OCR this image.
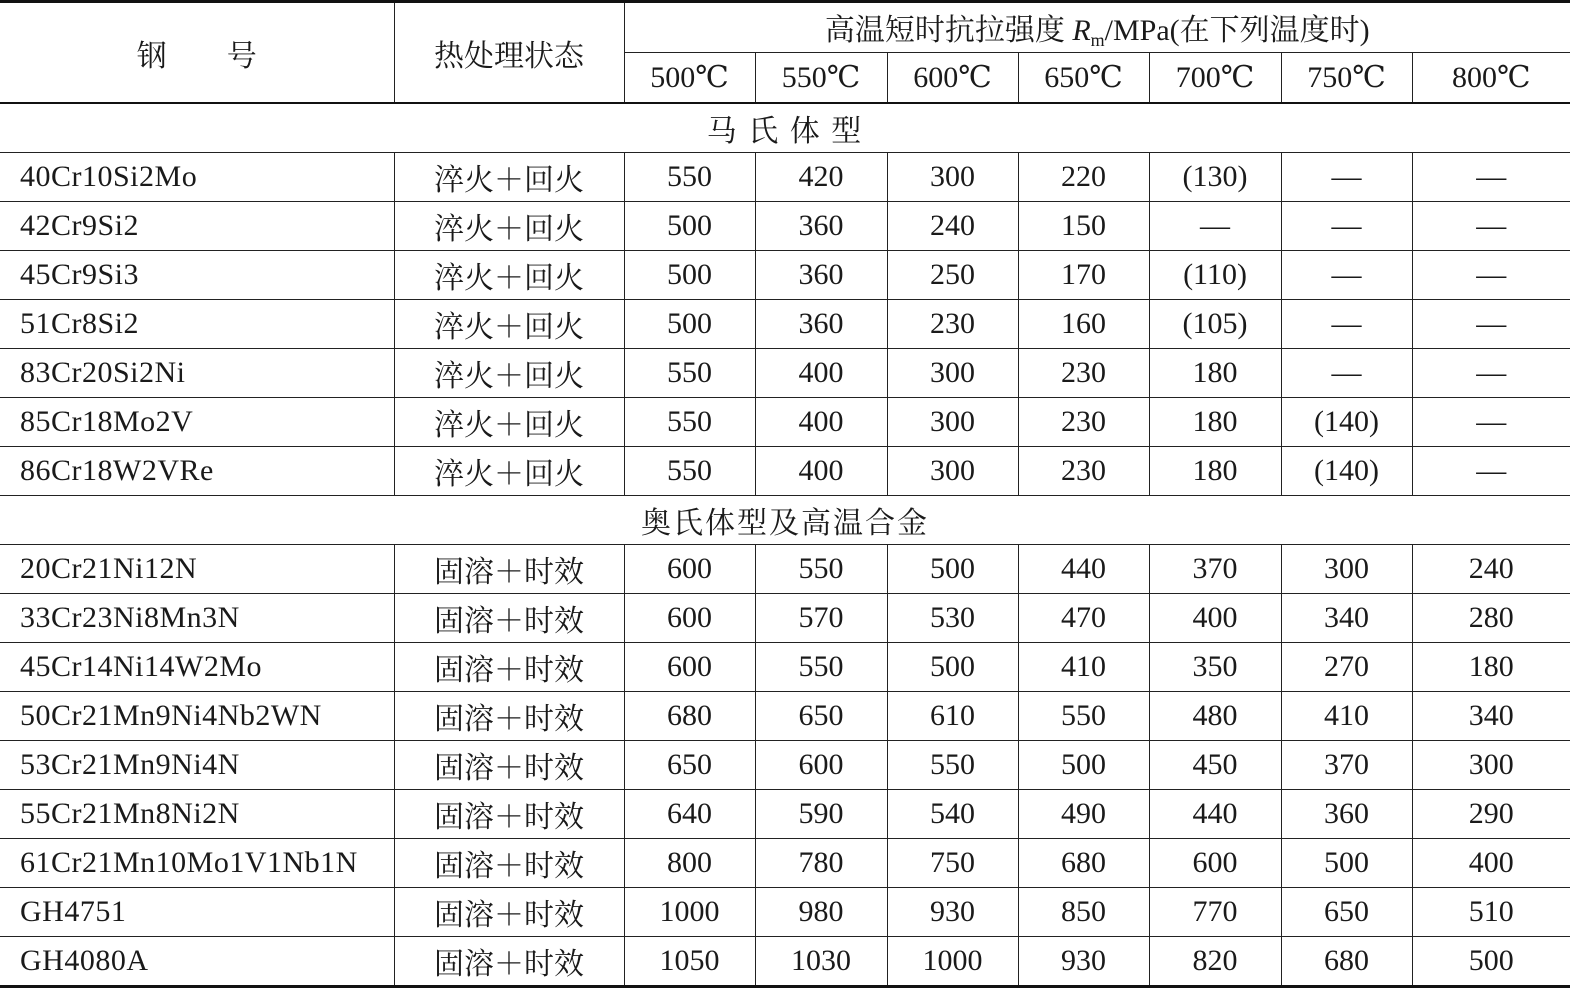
钢　　号	热处理状态	高温短时抗拉强度 $R_m/MPa$(在下列温度时)						
		500℃	550℃	600℃	650℃	700℃	750℃	800℃
马 氏 体 型								
40Cr10Si2Mo	淬火＋回火	550	420	300	220	(130)	—	—
42Cr9Si2	淬火＋回火	500	360	240	150	—	—	—
45Cr9Si3	淬火＋回火	500	360	250	170	(110)	—	—
51Cr8Si2	淬火＋回火	500	360	230	160	(105)	—	—
83Cr20Si2Ni	淬火＋回火	550	400	300	230	180	—	—
85Cr18Mo2V	淬火＋回火	550	400	300	230	180	(140)	—
86Cr18W2VRe	淬火＋回火	550	400	300	230	180	(140)	—
奥氏体型及高温合金								
20Cr21Ni12N	固溶＋时效	600	550	500	440	370	300	240
33Cr23Ni8Mn3N	固溶＋时效	600	570	530	470	400	340	280
45Cr14Ni14W2Mo	固溶＋时效	600	550	500	410	350	270	180
50Cr21Mn9Ni4Nb2WN	固溶＋时效	680	650	610	550	480	410	340
53Cr21Mn9Ni4N	固溶＋时效	650	600	550	500	450	370	300
55Cr21Mn8Ni2N	固溶＋时效	640	590	540	490	440	360	290
61Cr21Mn10Mo1V1Nb1N	固溶＋时效	800	780	750	680	600	500	400
GH4751	固溶＋时效	1000	980	930	850	770	650	510
GH4080A	固溶＋时效	1050	1030	1000	930	820	680	500
